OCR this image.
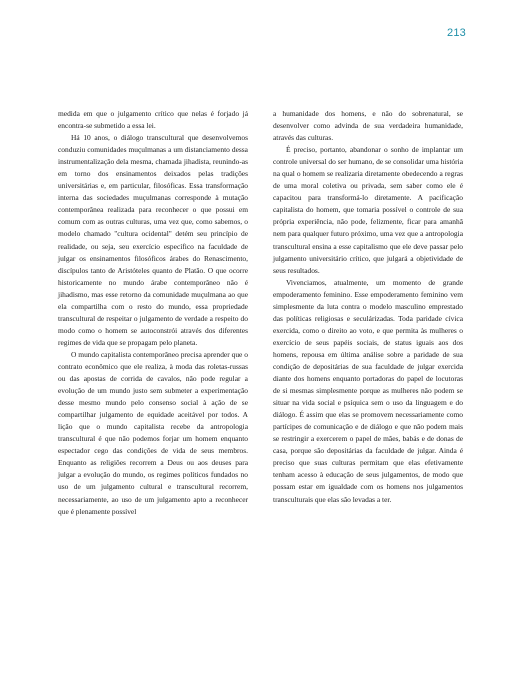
213

medida em que o julgamento crítico que nelas é forjado já encontra-se submetido a essa lei.

Há 10 anos, o diálogo transcultural que desenvolvemos conduziu comunidades muçulmanas a um distanciamento dessa instrumentalização dela mesma, chamada jihadista, reunindo-as em torno dos ensinamentos deixados pelas tradições universitárias e, em particular, filosóficas. Essa transformação interna das sociedades muçulmanas corresponde à mutação contemporânea realizada para reconhecer o que possui em comum com as outras culturas, uma vez que, como sabemos, o modelo chamado "cultura ocidental" detém seu princípio de realidade, ou seja, seu exercício específico na faculdade de julgar os ensinamentos filosóficos árabes do Renascimento, discípulos tanto de Aristóteles quanto de Platão. O que ocorre historicamente no mundo árabe contemporâneo não é jihadismo, mas esse retorno da comunidade muçulmana ao que ela compartilha com o resto do mundo, essa propriedade transcultural de respeitar o julgamento de verdade a respeito do modo como o homem se autoconstrói através dos diferentes regimes de vida que se propagam pelo planeta.

O mundo capitalista contemporâneo precisa aprender que o contrato econômico que ele realiza, à moda das roletas-russas ou das apostas de corrida de cavalos, não pode regular a evolução de um mundo justo sem submeter a experimentação desse mesmo mundo pelo consenso social à ação de se compartilhar julgamento de equidade aceitável por todos. A lição que o mundo capitalista recebe da antropologia transcultural é que não podemos forjar um homem enquanto espectador cego das condições de vida de seus membros. Enquanto as religiões recorrem a Deus ou aos deuses para julgar a evolução do mundo, os regimes políticos fundados no uso de um julgamento cultural e transcultural recorrem, necessariamente, ao uso de um julgamento apto a reconhecer que é plenamente possível

a humanidade dos homens, e não do sobrenatural, se desenvolver como advinda de sua verdadeira humanidade, através das culturas.

É preciso, portanto, abandonar o sonho de implantar um controle universal do ser humano, de se consolidar uma história na qual o homem se realizaria diretamente obedecendo a regras de uma moral coletiva ou privada, sem saber como ele é capacitou para transformá-lo diretamente. A pacificação capitalista do homem, que tomaria possível o controle de sua própria experiência, não pode, felizmente, ficar para amanhã nem para qualquer futuro próximo, uma vez que a antropologia transcultural ensina a esse capitalismo que ele deve passar pelo julgamento universitário crítico, que julgará a objetividade de seus resultados.

Vivenciamos, atualmente, um momento de grande empoderamento feminino. Esse empoderamento feminino vem simplesmente da luta contra o modelo masculino emprestado das políticas religiosas e seculárizadas. Toda paridade cívica exercida, como o direito ao voto, e que permita às mulheres o exercício de seus papéis sociais, de status iguais aos dos homens, repousa em última análise sobre a paridade de sua condição de depositárias de sua faculdade de julgar exercida diante dos homens enquanto portadoras do papel de locutoras de si mesmas simplesmente porque as mulheres não podem se situar na vida social e psíquica sem o uso da linguagem e do diálogo. É assim que elas se promovem necessariamente como partícipes de comunicação e de diálogo e que não podem mais se restringir a exercerem o papel de mães, babás e de donas de casa, porque são depositárias da faculdade de julgar. Ainda é preciso que suas culturas permitam que elas efetivamente tenham acesso à educação de seus julgamentos, de modo que possam estar em igualdade com os homens nos julgamentos transculturais que elas são levadas a ter.
